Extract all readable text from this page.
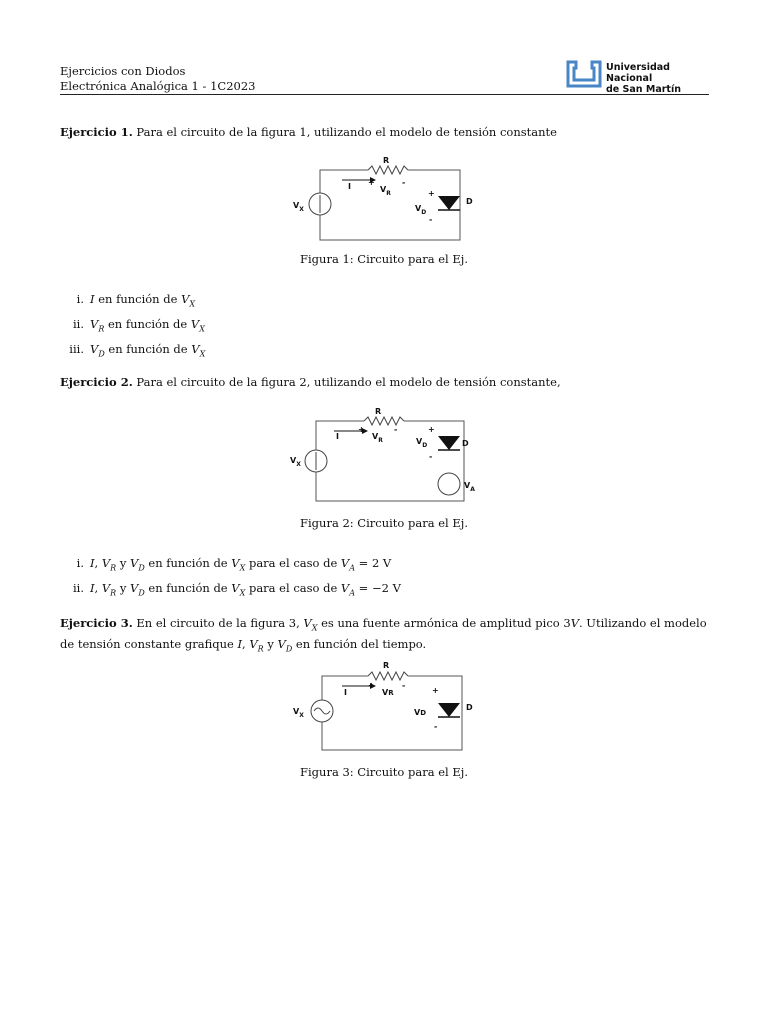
Ejercicios con Diodos
Electrónica Analógica 1 - 1C2023
Universidad Nacional
de San Martín
Ejercicio 1. Para el circuito de la figura 1, utilizando el modelo de tensión constante
R
I +
$V_R$
-
+
$V_D$
-
D
$V_X$
Figura 1: Circuito para el Ej.
i. I en función de $V_X$
ii. $V_R$ en función de $V_X$
iii. $V_D$ en función de $V_X$
Ejercicio 2. Para el circuito de la figura 2, utilizando el modelo de tensión constante,
R
I
+
$V_R$
-	+
$V_D$
-
D
$V_A$
$V_X$
Figura 2: Circuito para el Ej.
i. I, $V_R$ y $V_D$ en función de $V_X$ para el caso de $V_A = 2$ V
ii. I, $V_R$ y $V_D$ en función de $V_X$ para el caso de $V_A = -2$ V
Ejercicio 3. En el circuito de la figura 3, $V_X$ es una fuente armónica de amplitud pico 3V. Utilizando el modelo de tensión constante grafique I, $V_R$ y $V_D$ en función del tiempo.
R
I
+
VR
-
+
VD
-
D
$V_X$
Figura 3: Circuito para el Ej.
